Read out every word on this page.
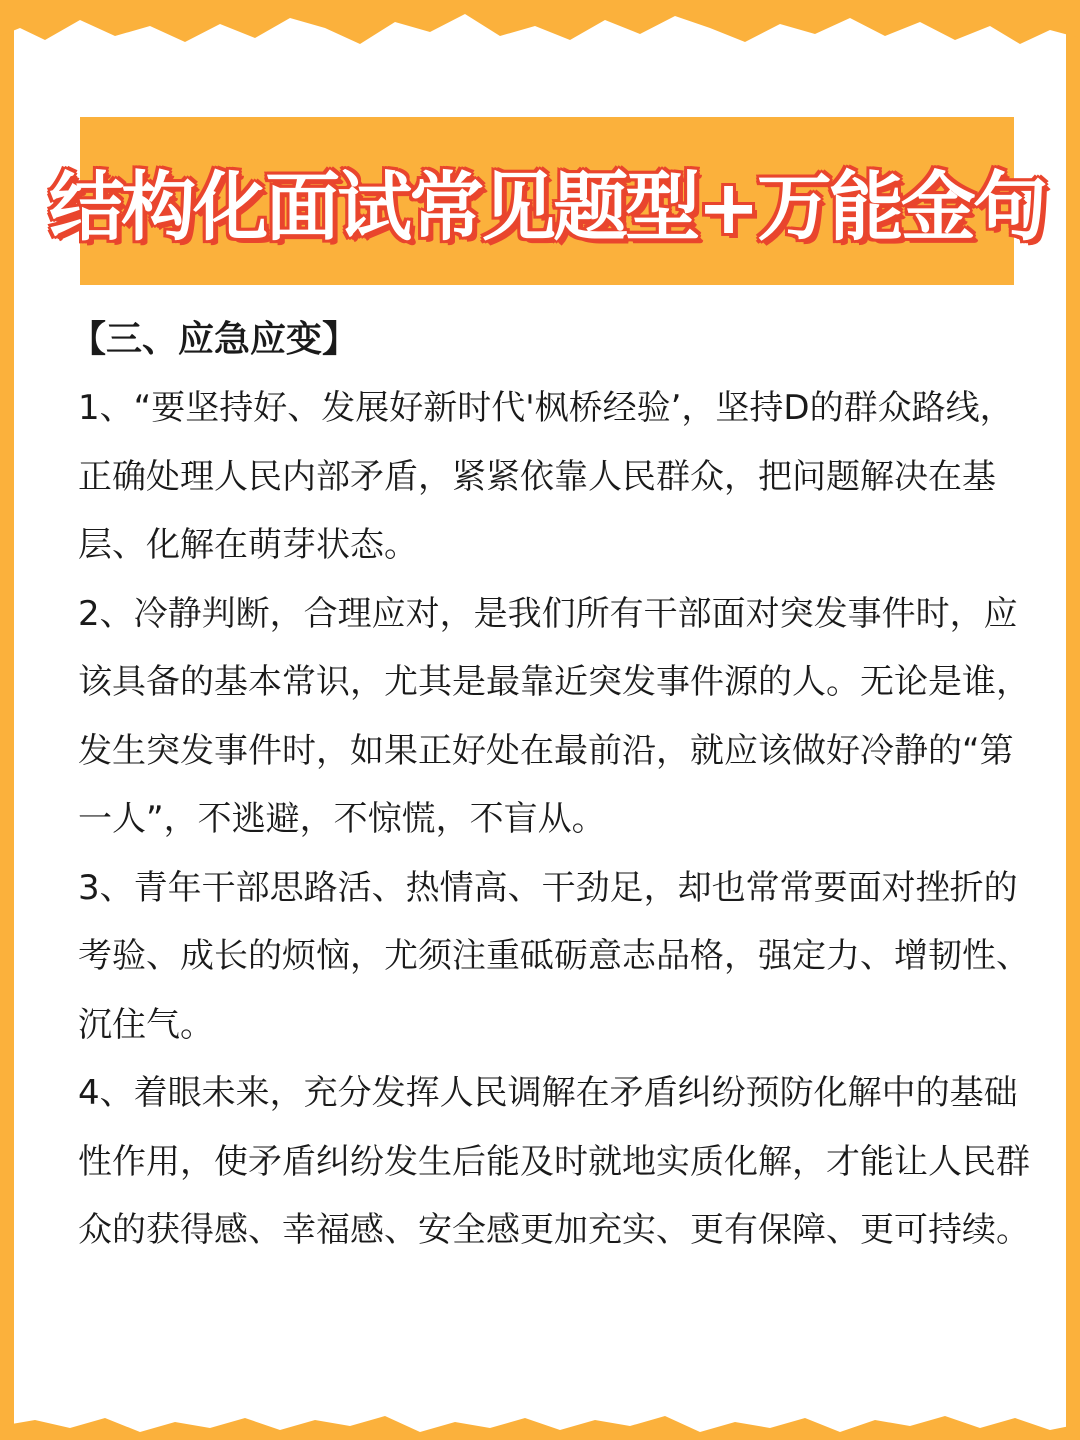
结构化面试常见题型+万能金句

【三、应急应变】

1、“要坚持好、发展好新时代'枫桥经验’，坚持D的群众路线，正确处理人民内部矛盾，紧紧依靠人民群众，把问题解决在基层、化解在萌芽状态。

2、冷静判断，合理应对，是我们所有干部面对突发事件时，应该具备的基本常识，尤其是最靠近突发事件源的人。无论是谁，发生突发事件时，如果正好处在最前沿，就应该做好冷静的“第一人”，不逃避，不惊慌，不盲从。

3、青年干部思路活、热情高、干劲足，却也常常要面对挫折的考验、成长的烦恼，尤须注重砥砺意志品格，强定力、增韧性、沉住气。

4、着眼未来，充分发挥人民调解在矛盾纠纷预防化解中的基础性作用，使矛盾纠纷发生后能及时就地实质化解，才能让人民群众的获得感、幸福感、安全感更加充实、更有保障、更可持续。
